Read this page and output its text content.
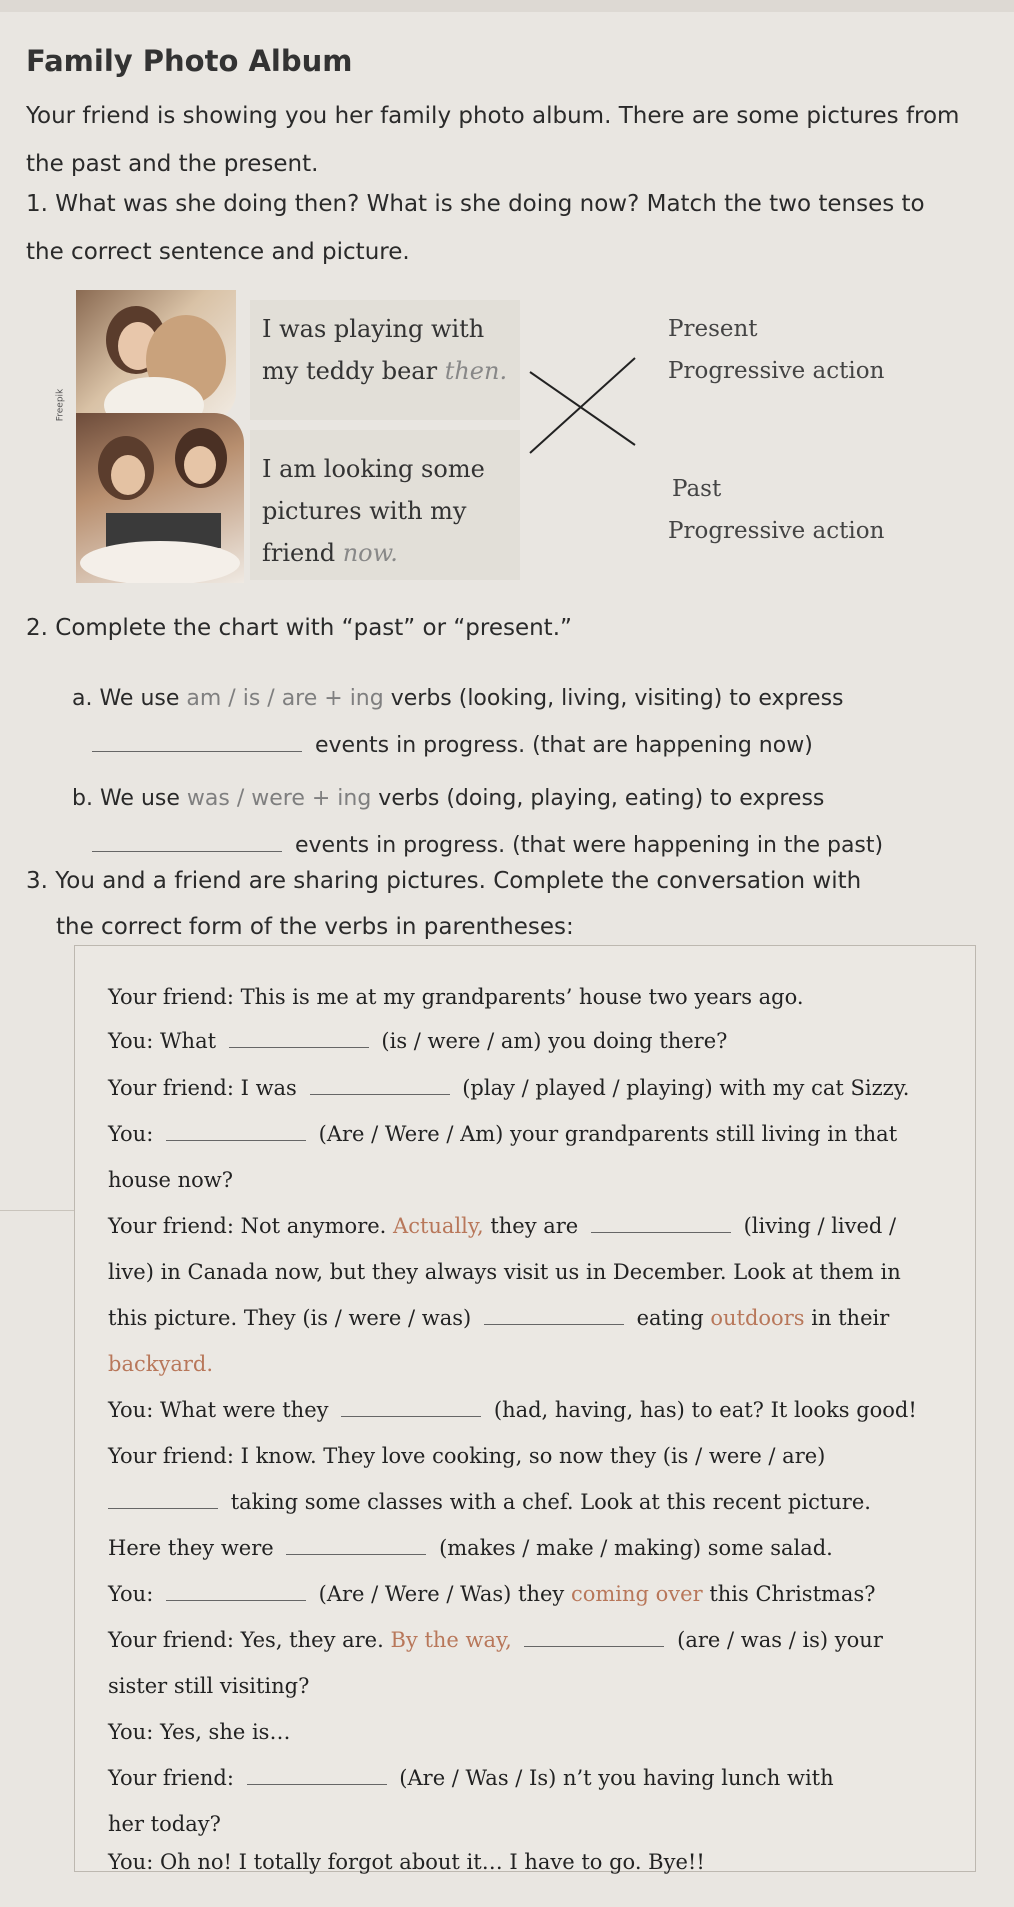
Family Photo Album
Your friend is showing you her family photo album. There are some pictures from the past and the present.
1. What was she doing then? What is she doing now? Match the two tenses to the correct sentence and picture.
Freepik
I was playing with
my teddy bear then.
I am looking some
pictures with my
friend now.
Present
Progressive action
Past
Progressive action
2. Complete the chart with “past” or “present.”
a. We use am / is / are + ing verbs (looking, living, visiting) to express
events in progress. (that are happening now)
b. We use was / were + ing verbs (doing, playing, eating) to express
events in progress. (that were happening in the past)
3. You and a friend are sharing pictures. Complete the conversation with
the correct form of the verbs in parentheses:
Your friend: This is me at my grandparents’ house two years ago.
You: What	(is / were / am) you doing there?
Your friend: I was	(play / played / playing) with my cat Sizzy.
You:	(Are / Were / Am) your grandparents still living in that
house now?
Your friend: Not anymore. Actually, they are	(living / lived /
live) in Canada now, but they always visit us in December. Look at them in
this picture. They (is / were / was)	eating outdoors in their
backyard.
You: What were they	(had, having, has) to eat? It looks good!
Your friend: I know. They love cooking, so now they (is / were / are)
taking some classes with a chef. Look at this recent picture.
Here they were	(makes / make / making) some salad.
You:	(Are / Were / Was) they coming over this Christmas?
Your friend: Yes, they are. By the way,	(are / was / is) your
sister still visiting?
You: Yes, she is…
Your friend:	(Are / Was / Is) n’t you having lunch with
her today?
You: Oh no! I totally forgot about it… I have to go. Bye!!
